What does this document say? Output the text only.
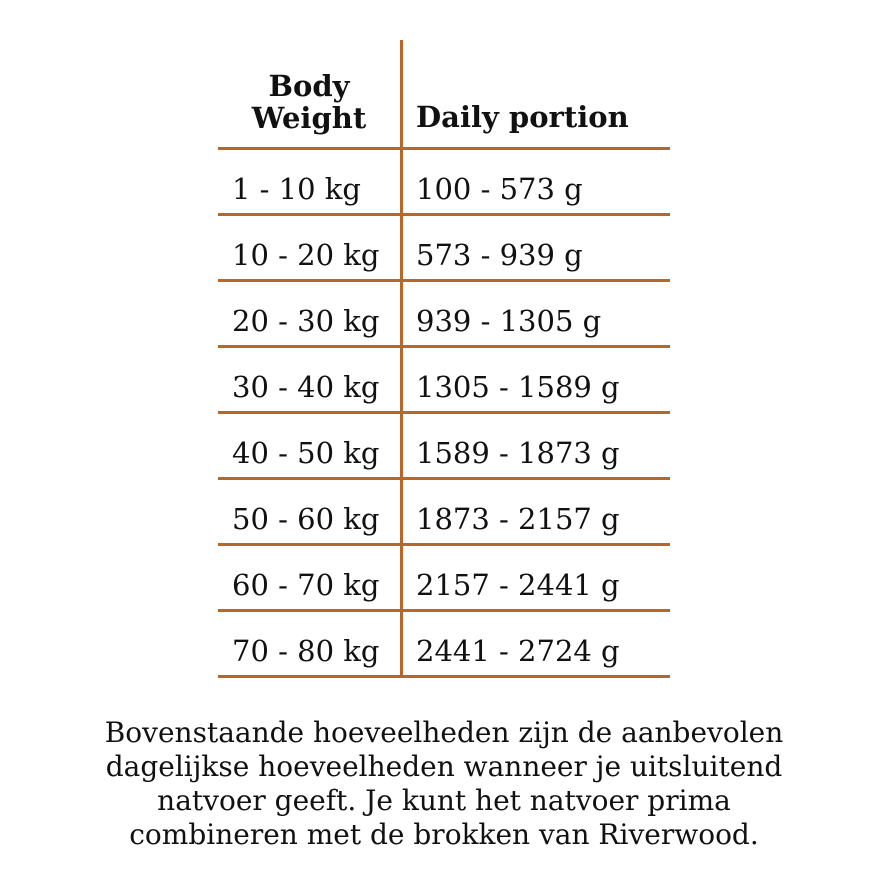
Body
Weight	Daily portion
1 - 10 kg 100 - 573 g
10 - 20 kg 573 - 939 g
20 - 30 kg 939 - 1305 g
30 - 40 kg 1305 - 1589 g
40 - 50 kg 1589 - 1873 g
50 - 60 kg 1873 - 2157 g
60 - 70 kg 2157 - 2441 g
70 - 80 kg 2441 - 2724 g
Bovenstaande hoeveelheden zijn de aanbevolen
dagelijkse hoeveelheden wanneer je uitsluitend
natvoer geeft. Je kunt het natvoer prima
combineren met de brokken van Riverwood.
